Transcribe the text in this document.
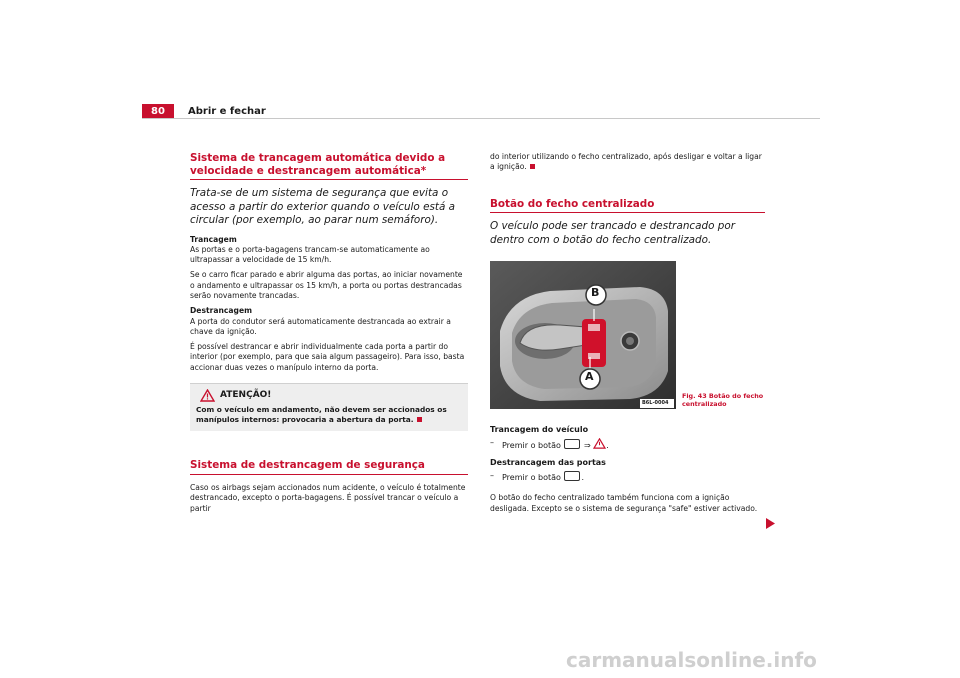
80	Abrir e fechar
Sistema de trancagem automática devido a velocidade e destrancagem automática*
Trata-se de um sistema de segurança que evita o acesso a partir do exterior quando o veículo está a circular (por exemplo, ao parar num semáforo).

Trancagem

As portas e o porta-bagagens trancam-se automaticamente ao ultrapassar a velocidade de 15 km/h.

Se o carro ficar parado e abrir alguma das portas, ao iniciar novamente o andamento e ultrapassar os 15 km/h, a porta ou portas destrancadas serão novamente trancadas.

Destrancagem

A porta do condutor será automaticamente destrancada ao extrair a chave da ignição.

É possível destrancar e abrir individualmente cada porta a partir do interior (por exemplo, para que saia algum passageiro). Para isso, basta accionar duas vezes o manípulo interno da porta.

ATENÇÃO!
Com o veículo em andamento, não devem ser accionados os manípulos internos: provocaria a abertura da porta.
Sistema de destrancagem de segurança

Caso os airbags sejam accionados num acidente, o veículo é totalmente destrancado, excepto o porta-bagagens. É possível trancar o veículo a partir

do interior utilizando o fecho centralizado, após desligar e voltar a ligar a ignição.

Botão do fecho centralizado
O veículo pode ser trancado e destrancado por dentro com o botão do fecho centralizado.
B
A
B6L-0004
Trancagem do veículo
– Premir o botão	⇒ .
Destrancagem das portas
– Premir o botão	.

O botão do fecho centralizado também funciona com a ignição desligada. Excepto se o sistema de segurança "safe" estiver activado.

Fig. 43 Botão do fecho centralizado
carmanualsonline.info
